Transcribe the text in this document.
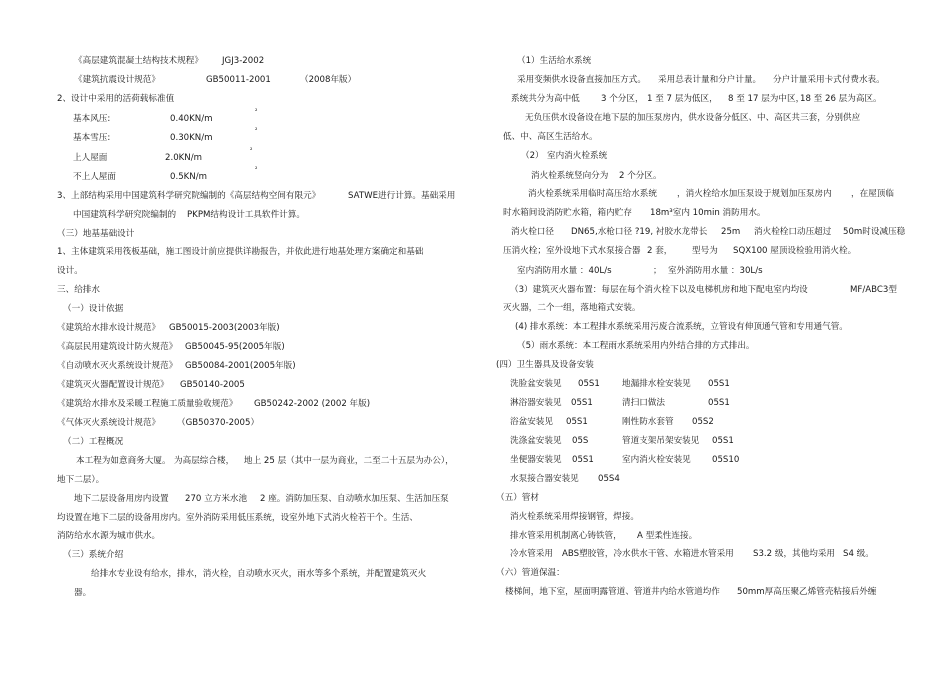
《高层建筑混凝土结构技术规程》 JGJ3-2002
《建筑抗震设计规范》	GB50011-2001	（2008年版）
2、设计中采用的活荷载标准值
基本风压:	0.40KN/m
²
基本雪压:	0.30KN/m
²
上人屋面	2.0KN/m
²
不上人屋面	0.5KN/m
²
3、上部结构采用中国建筑科学研究院编制的《高层结构空间有限元》	SATWE进行计算。基础采用
中国建筑科学研究院编制的 PKPM结构设计工具软件计算。
（三）地基基础设计
1、主体建筑采用筏板基础，施工图设计前应提供详勘报告，并依此进行地基处理方案确定和基础
设计。
三、给排水
（一）设计依据
《建筑给水排水设计规范》 GB50015-2003(2003年版)
《高层民用建筑设计防火规范》 GB50045-95(2005年版)
《自动喷水灭火系统设计规范》 GB50084-2001(2005年版)
《建筑灭火器配置设计规范》 GB50140-2005
《建筑给水排水及采暖工程施工质量验收规范》 GB50242-2002 (2002 年版)
《气体灭火系统设计规范》 （GB50370-2005）
（二）工程概况
本工程为如意商务大厦。 为高层综合楼， 地上 25 层（其中一层为商业，二至二十五层为办公），
地下二层）。
地下二层设备用房内设置 270 立方米水池 2 座。消防加压泵、自动喷水加压泵、生活加压泵
均设置在地下二层的设备用房内。室外消防采用低压系统，设室外地下式消火栓若干个。生活、
消防给水水源为城市供水。
（三）系统介绍
给排水专业设有给水，排水，消火栓，自动喷水灭火，雨水等多个系统，并配置建筑灭火
器。
（1）生活给水系统
采用变频供水设备直接加压方式。 采用总表计量和分户计量。 分户计量采用卡式付费水表。
系统共分为高中低 3 个分区， 1 至 7 层为低区， 8 至 17 层为中区，
18 至 26 层为高区。
无负压供水设备设在地下层的加压泵房内，供水设备分低区、中、高区共三套，分别供应
低、中、高区生活给水。
（2） 室内消火栓系统
消火栓系统竖向分为 2 个分区。
消火栓系统采用临时高压给水系统 ，消火栓给水加压泵设于规划加压泵房内 ，在屋顶临
时水箱间设消防贮水箱，箱内贮存 18m³室内 10min 消防用水。
消火栓口径 DN65,水枪口径 ?19, 衬胶水龙带长 25m 消火栓栓口动压超过 50m时设减压稳
压消火栓；室外设地下式水泵接合器 2 套， 型号为 SQX100 屋顶设检验用消火栓。
室内消防用水量 ：40L/s	； 室外消防用水量 ：30L/s
（3）建筑灭火器布置：每层在每个消火栓下以及电梯机房和地下配电室内均设	MF/ABC3型
灭火器，二个一组，落地箱式安装。
(4) 排水系统：本工程排水系统采用污废合流系统，立管设有伸顶通气管和专用通气管。
（5）雨水系统：本工程雨水系统采用内外结合排的方式排出。
(四）卫生器具及设备安装
洗脸盆安装见 05S1	地漏排水栓安装见 05S1
淋浴器安装见 05S1	清扫口做法	05S1
浴盆安装见 05S1	刚性防水套管 05S2
洗涤盆安装见 05S	管道支架吊架安装见 05S1
坐便器安装见 05S1	室内消火栓安装见 05S10
水泵接合器安装见 05S4
（五）管材
消火栓系统采用焊接钢管，焊接。
排水管采用机制离心铸铁管， A 型柔性连接。
冷水管采用 ABS塑胶管，冷水供水干管、水箱进水管采用 S3.2 级，其他均采用 S4 级。
（六）管道保温：
楼梯间，地下室，屋面明露管道、管道井内给水管道均作 50mm厚高压聚乙烯管壳粘接后外缠
